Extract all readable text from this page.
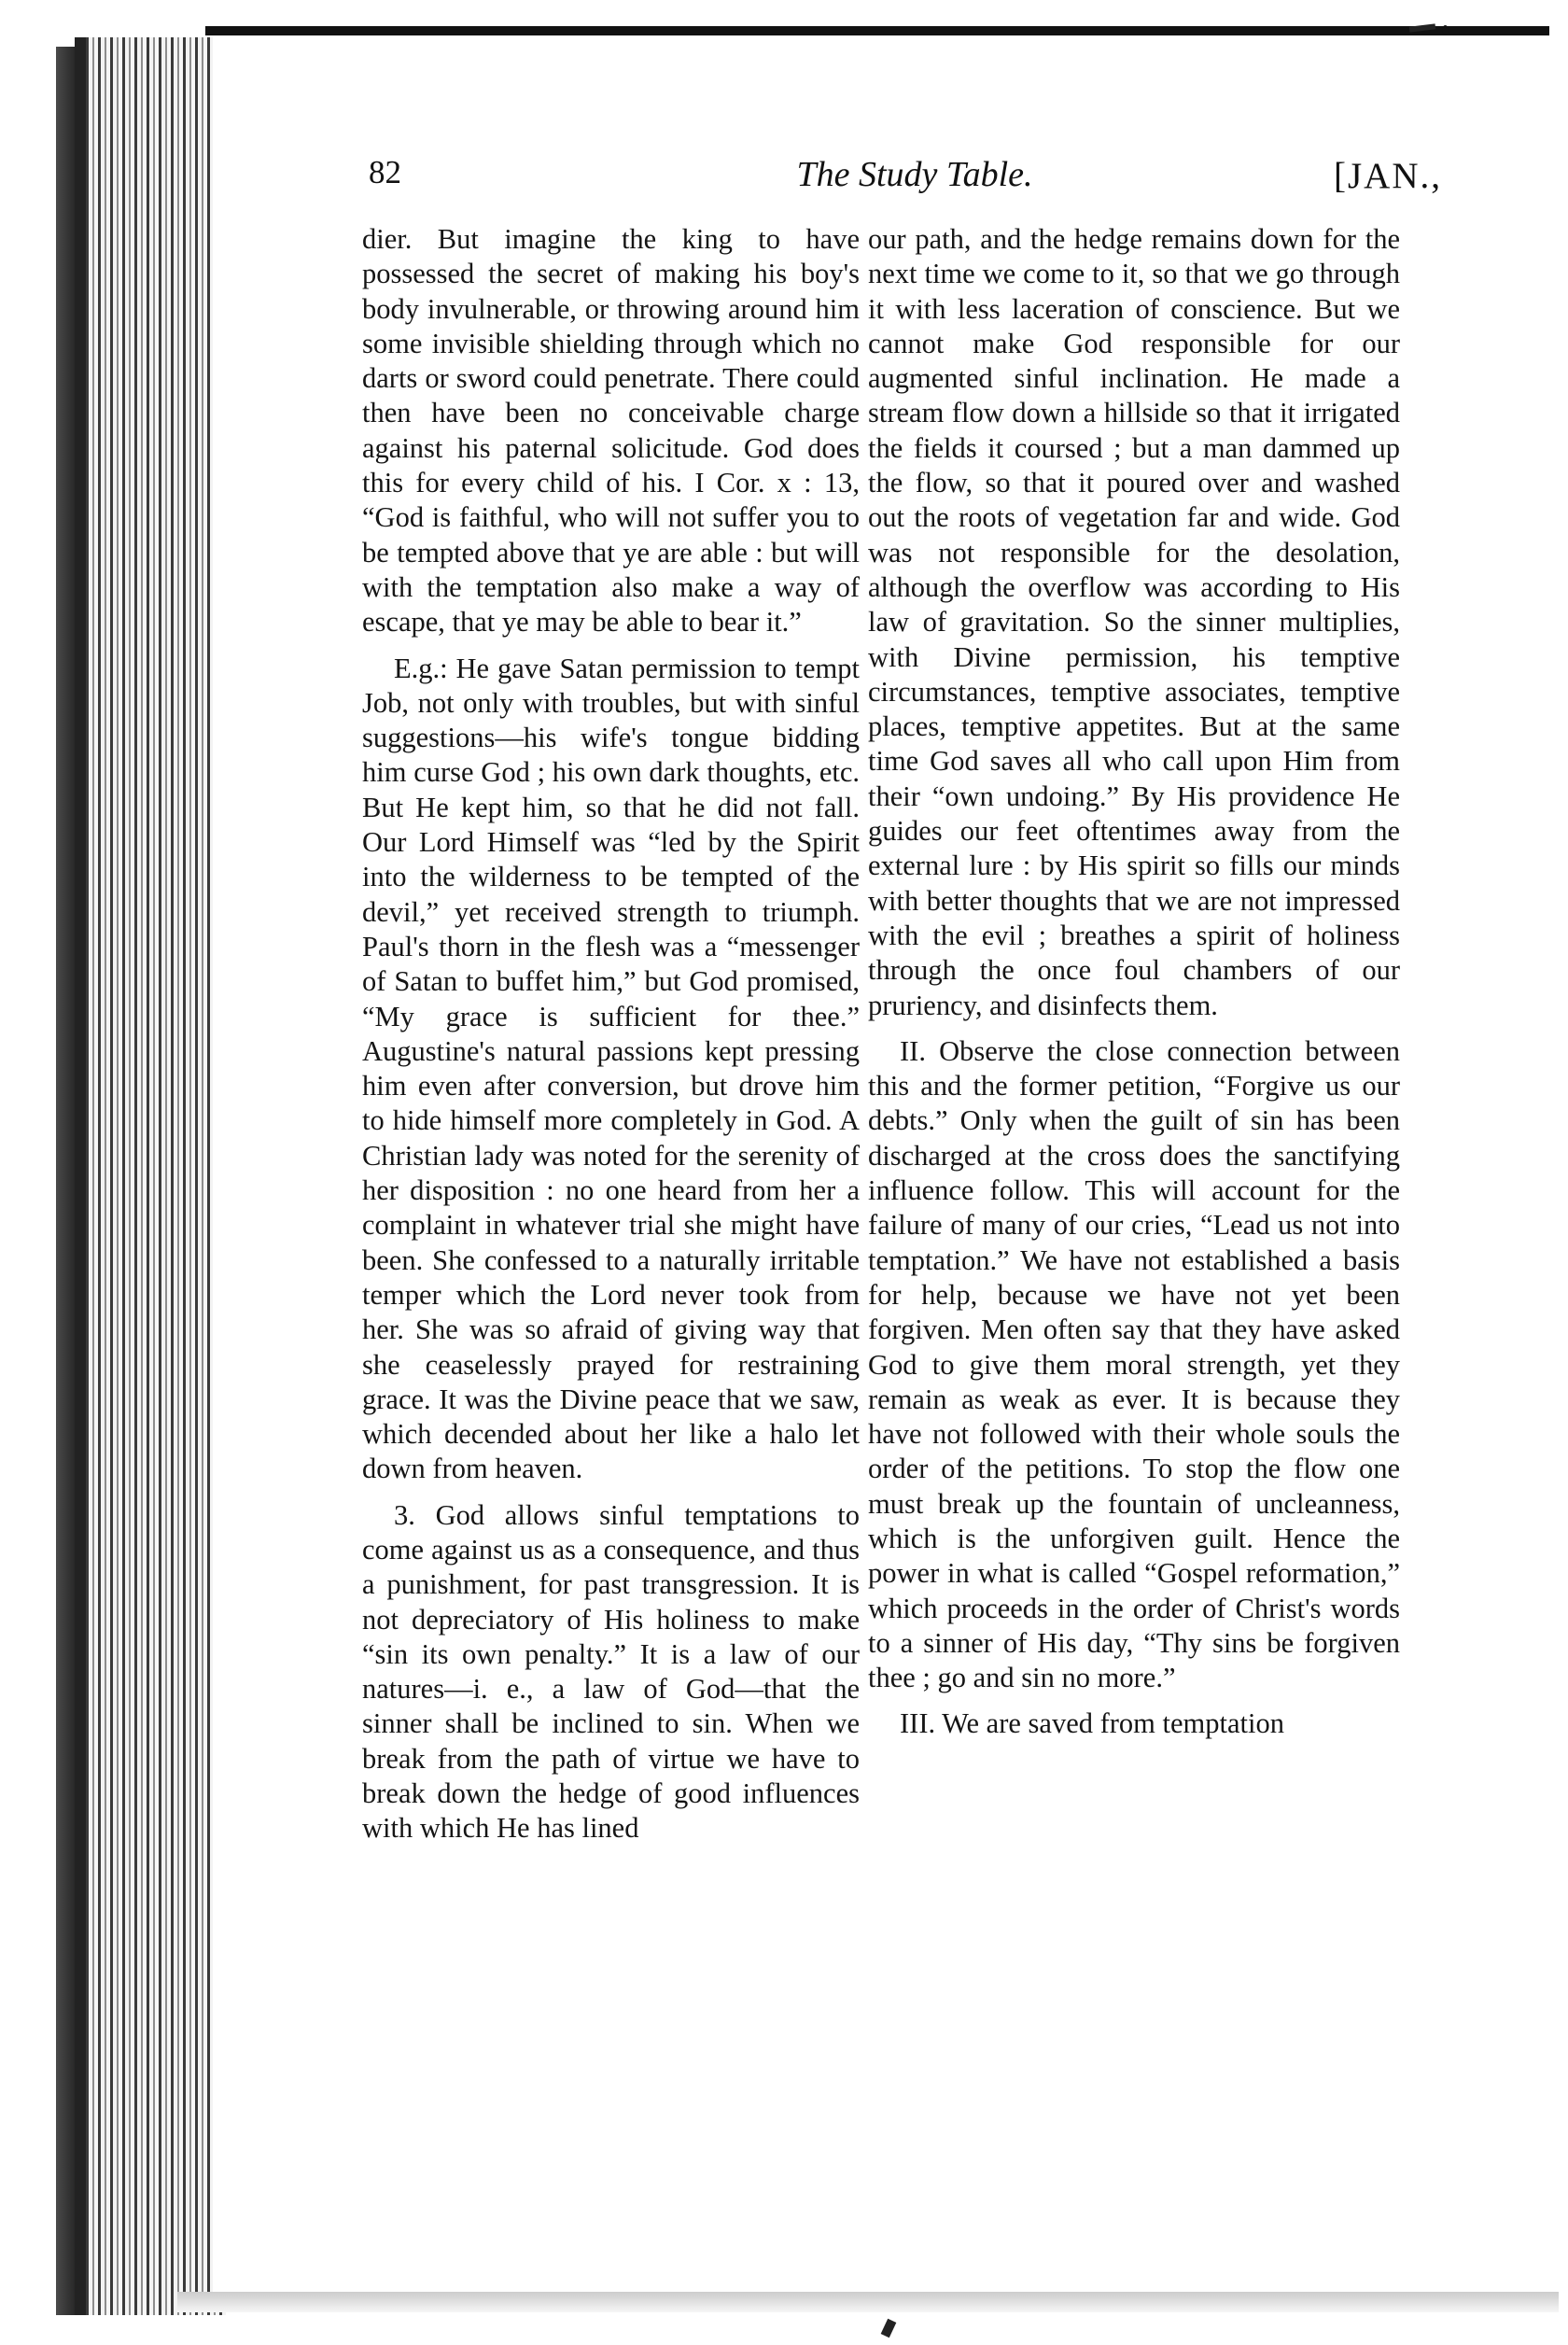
82	The Study Table.	[JAN.,

dier. But imagine the king to have possessed the secret of making his boy's body invulnerable, or throwing around him some invisible shielding through which no darts or sword could penetrate. There could then have been no conceivable charge against his paternal solicitude. God does this for every child of his. I Cor. x : 13, “God is faithful, who will not suffer you to be tempted above that ye are able : but will with the temptation also make a way of escape, that ye may be able to bear it.”

E.g.: He gave Satan permission to tempt Job, not only with troubles, but with sinful suggestions—his wife's tongue bidding him curse God ; his own dark thoughts, etc. But He kept him, so that he did not fall. Our Lord Himself was “led by the Spirit into the wilderness to be tempted of the devil,” yet received strength to triumph. Paul's thorn in the flesh was a “messenger of Satan to buffet him,” but God promised, “My grace is sufficient for thee.” Augustine's natural passions kept pressing him even after conversion, but drove him to hide himself more completely in God. A Christian lady was noted for the serenity of her disposition : no one heard from her a complaint in whatever trial she might have been. She confessed to a naturally irritable temper which the Lord never took from her. She was so afraid of giving way that she ceaselessly prayed for restraining grace. It was the Divine peace that we saw, which decended about her like a halo let down from heaven.

3. God allows sinful temptations to come against us as a consequence, and thus a punishment, for past transgression. It is not depreciatory of His holiness to make “sin its own penalty.” It is a law of our natures—i. e., a law of God—that the sinner shall be inclined to sin. When we break from the path of virtue we have to break down the hedge of good influences with which He has lined

our path, and the hedge remains down for the next time we come to it, so that we go through it with less laceration of conscience. But we cannot make God responsible for our augmented sinful inclination. He made a stream flow down a hillside so that it irrigated the fields it coursed ; but a man dammed up the flow, so that it poured over and washed out the roots of vegetation far and wide. God was not responsible for the desolation, although the overflow was according to His law of gravitation. So the sinner multiplies, with Divine permission, his temptive circumstances, temptive associates, temptive places, temptive appetites. But at the same time God saves all who call upon Him from their “own undoing.” By His providence He guides our feet oftentimes away from the external lure : by His spirit so fills our minds with better thoughts that we are not impressed with the evil ; breathes a spirit of holiness through the once foul chambers of our pruriency, and disinfects them.

II. Observe the close connection between this and the former petition, “Forgive us our debts.” Only when the guilt of sin has been discharged at the cross does the sanctifying influence follow. This will account for the failure of many of our cries, “Lead us not into temptation.” We have not established a basis for help, because we have not yet been forgiven. Men often say that they have asked God to give them moral strength, yet they remain as weak as ever. It is because they have not followed with their whole souls the order of the petitions. To stop the flow one must break up the fountain of uncleanness, which is the unforgiven guilt. Hence the power in what is called “Gospel reformation,” which proceeds in the order of Christ's words to a sinner of His day, “Thy sins be forgiven thee ; go and sin no more.”

III. We are saved from temptation
